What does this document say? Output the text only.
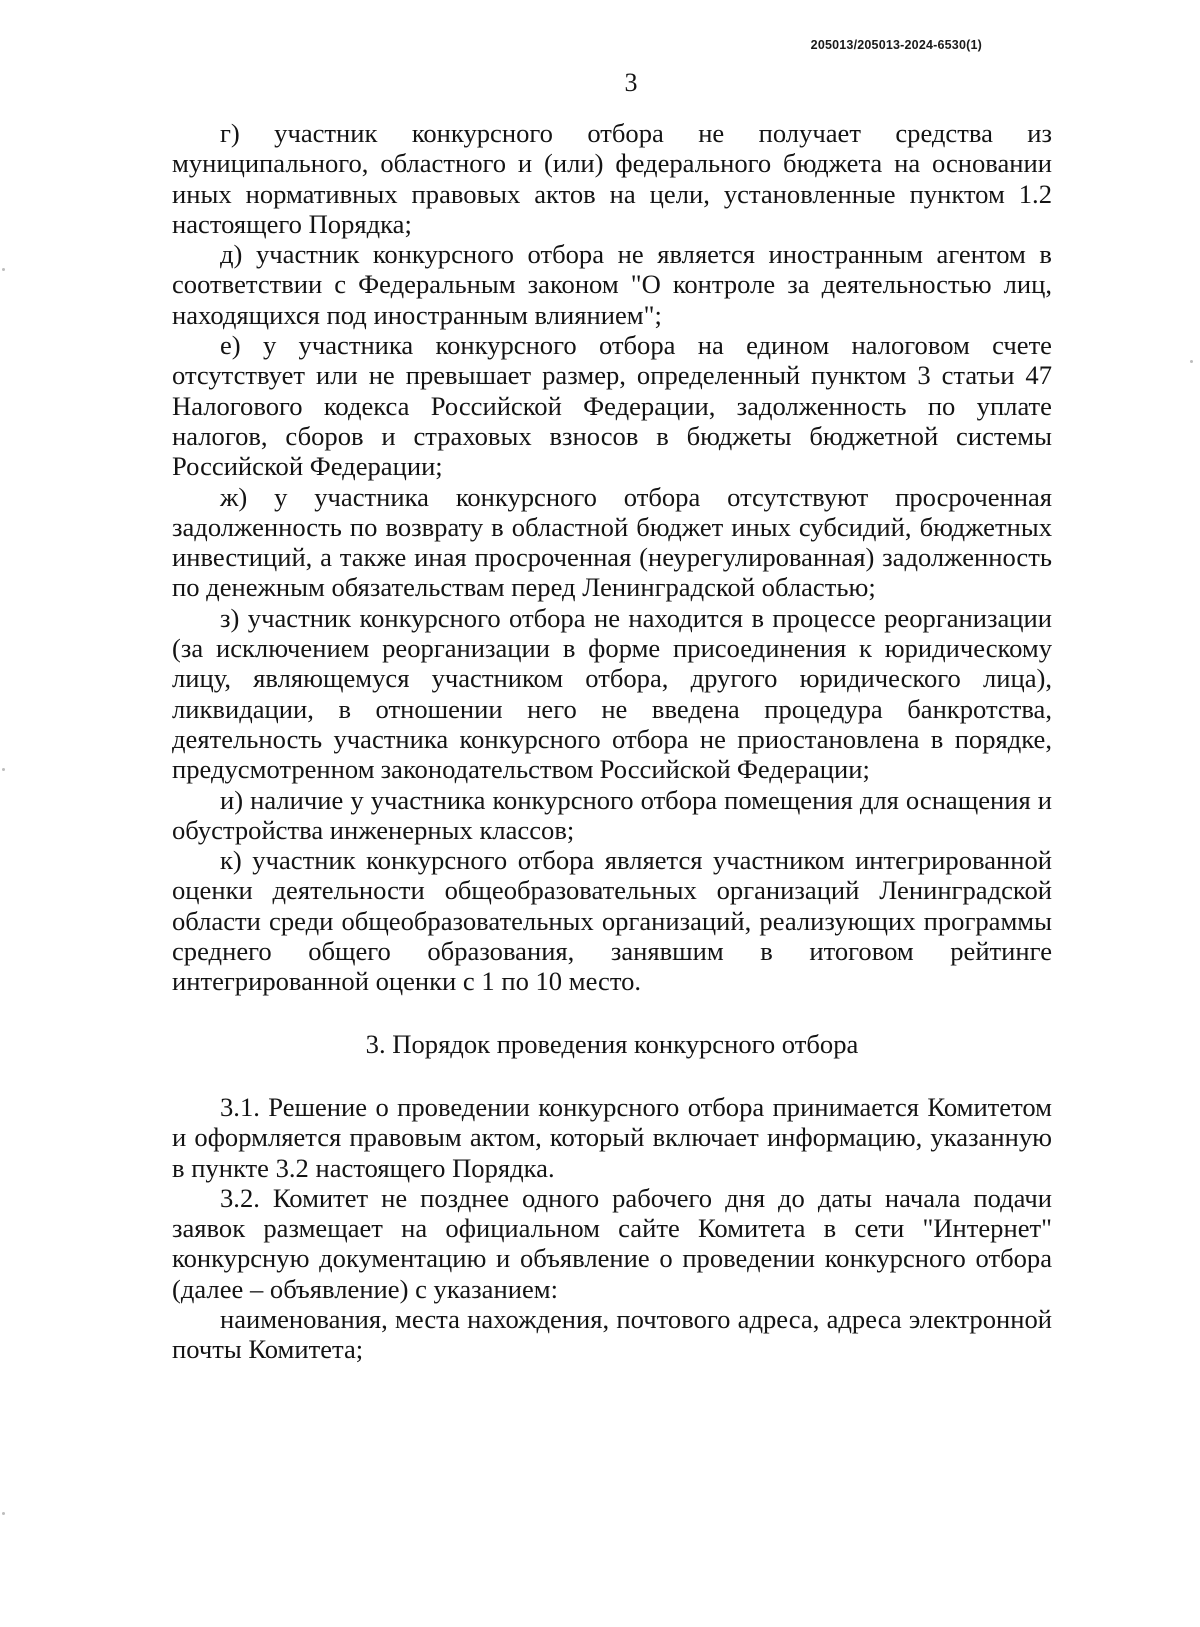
205013/205013-2024-6530(1)
3

г) участник конкурсного отбора не получает средства из муниципального, областного и (или) федерального бюджета на основании иных нормативных правовых актов на цели, установленные пунктом 1.2 настоящего Порядка;

д) участник конкурсного отбора не является иностранным агентом в соответствии с Федеральным законом "О контроле за деятельностью лиц, находящихся под иностранным влиянием";

е) у участника конкурсного отбора на едином налоговом счете отсутствует или не превышает размер, определенный пунктом 3 статьи 47 Налогового кодекса Российской Федерации, задолженность по уплате налогов, сборов и страховых взносов в бюджеты бюджетной системы Российской Федерации;

ж) у участника конкурсного отбора отсутствуют просроченная задолженность по возврату в областной бюджет иных субсидий, бюджетных инвестиций, а также иная просроченная (неурегулированная) задолженность по денежным обязательствам перед Ленинградской областью;

з) участник конкурсного отбора не находится в процессе реорганизации (за исключением реорганизации в форме присоединения к юридическому лицу, являющемуся участником отбора, другого юридического лица), ликвидации, в отношении него не введена процедура банкротства, деятельность участника конкурсного отбора не приостановлена в порядке, предусмотренном законодательством Российской Федерации;

и) наличие у участника конкурсного отбора помещения для оснащения и обустройства инженерных классов;

к) участник конкурсного отбора является участником интегрированной оценки деятельности общеобразовательных организаций Ленинградской области среди общеобразовательных организаций, реализующих программы среднего общего образования, занявшим в итоговом рейтинге интегрированной оценки с 1 по 10 место.

3. Порядок проведения конкурсного отбора

3.1. Решение о проведении конкурсного отбора принимается Комитетом и оформляется правовым актом, который включает информацию, указанную в пункте 3.2 настоящего Порядка.

3.2. Комитет не позднее одного рабочего дня до даты начала подачи заявок размещает на официальном сайте Комитета в сети "Интернет" конкурсную документацию и объявление о проведении конкурсного отбора (далее – объявление) с указанием:

наименования, места нахождения, почтового адреса, адреса электронной почты Комитета;
